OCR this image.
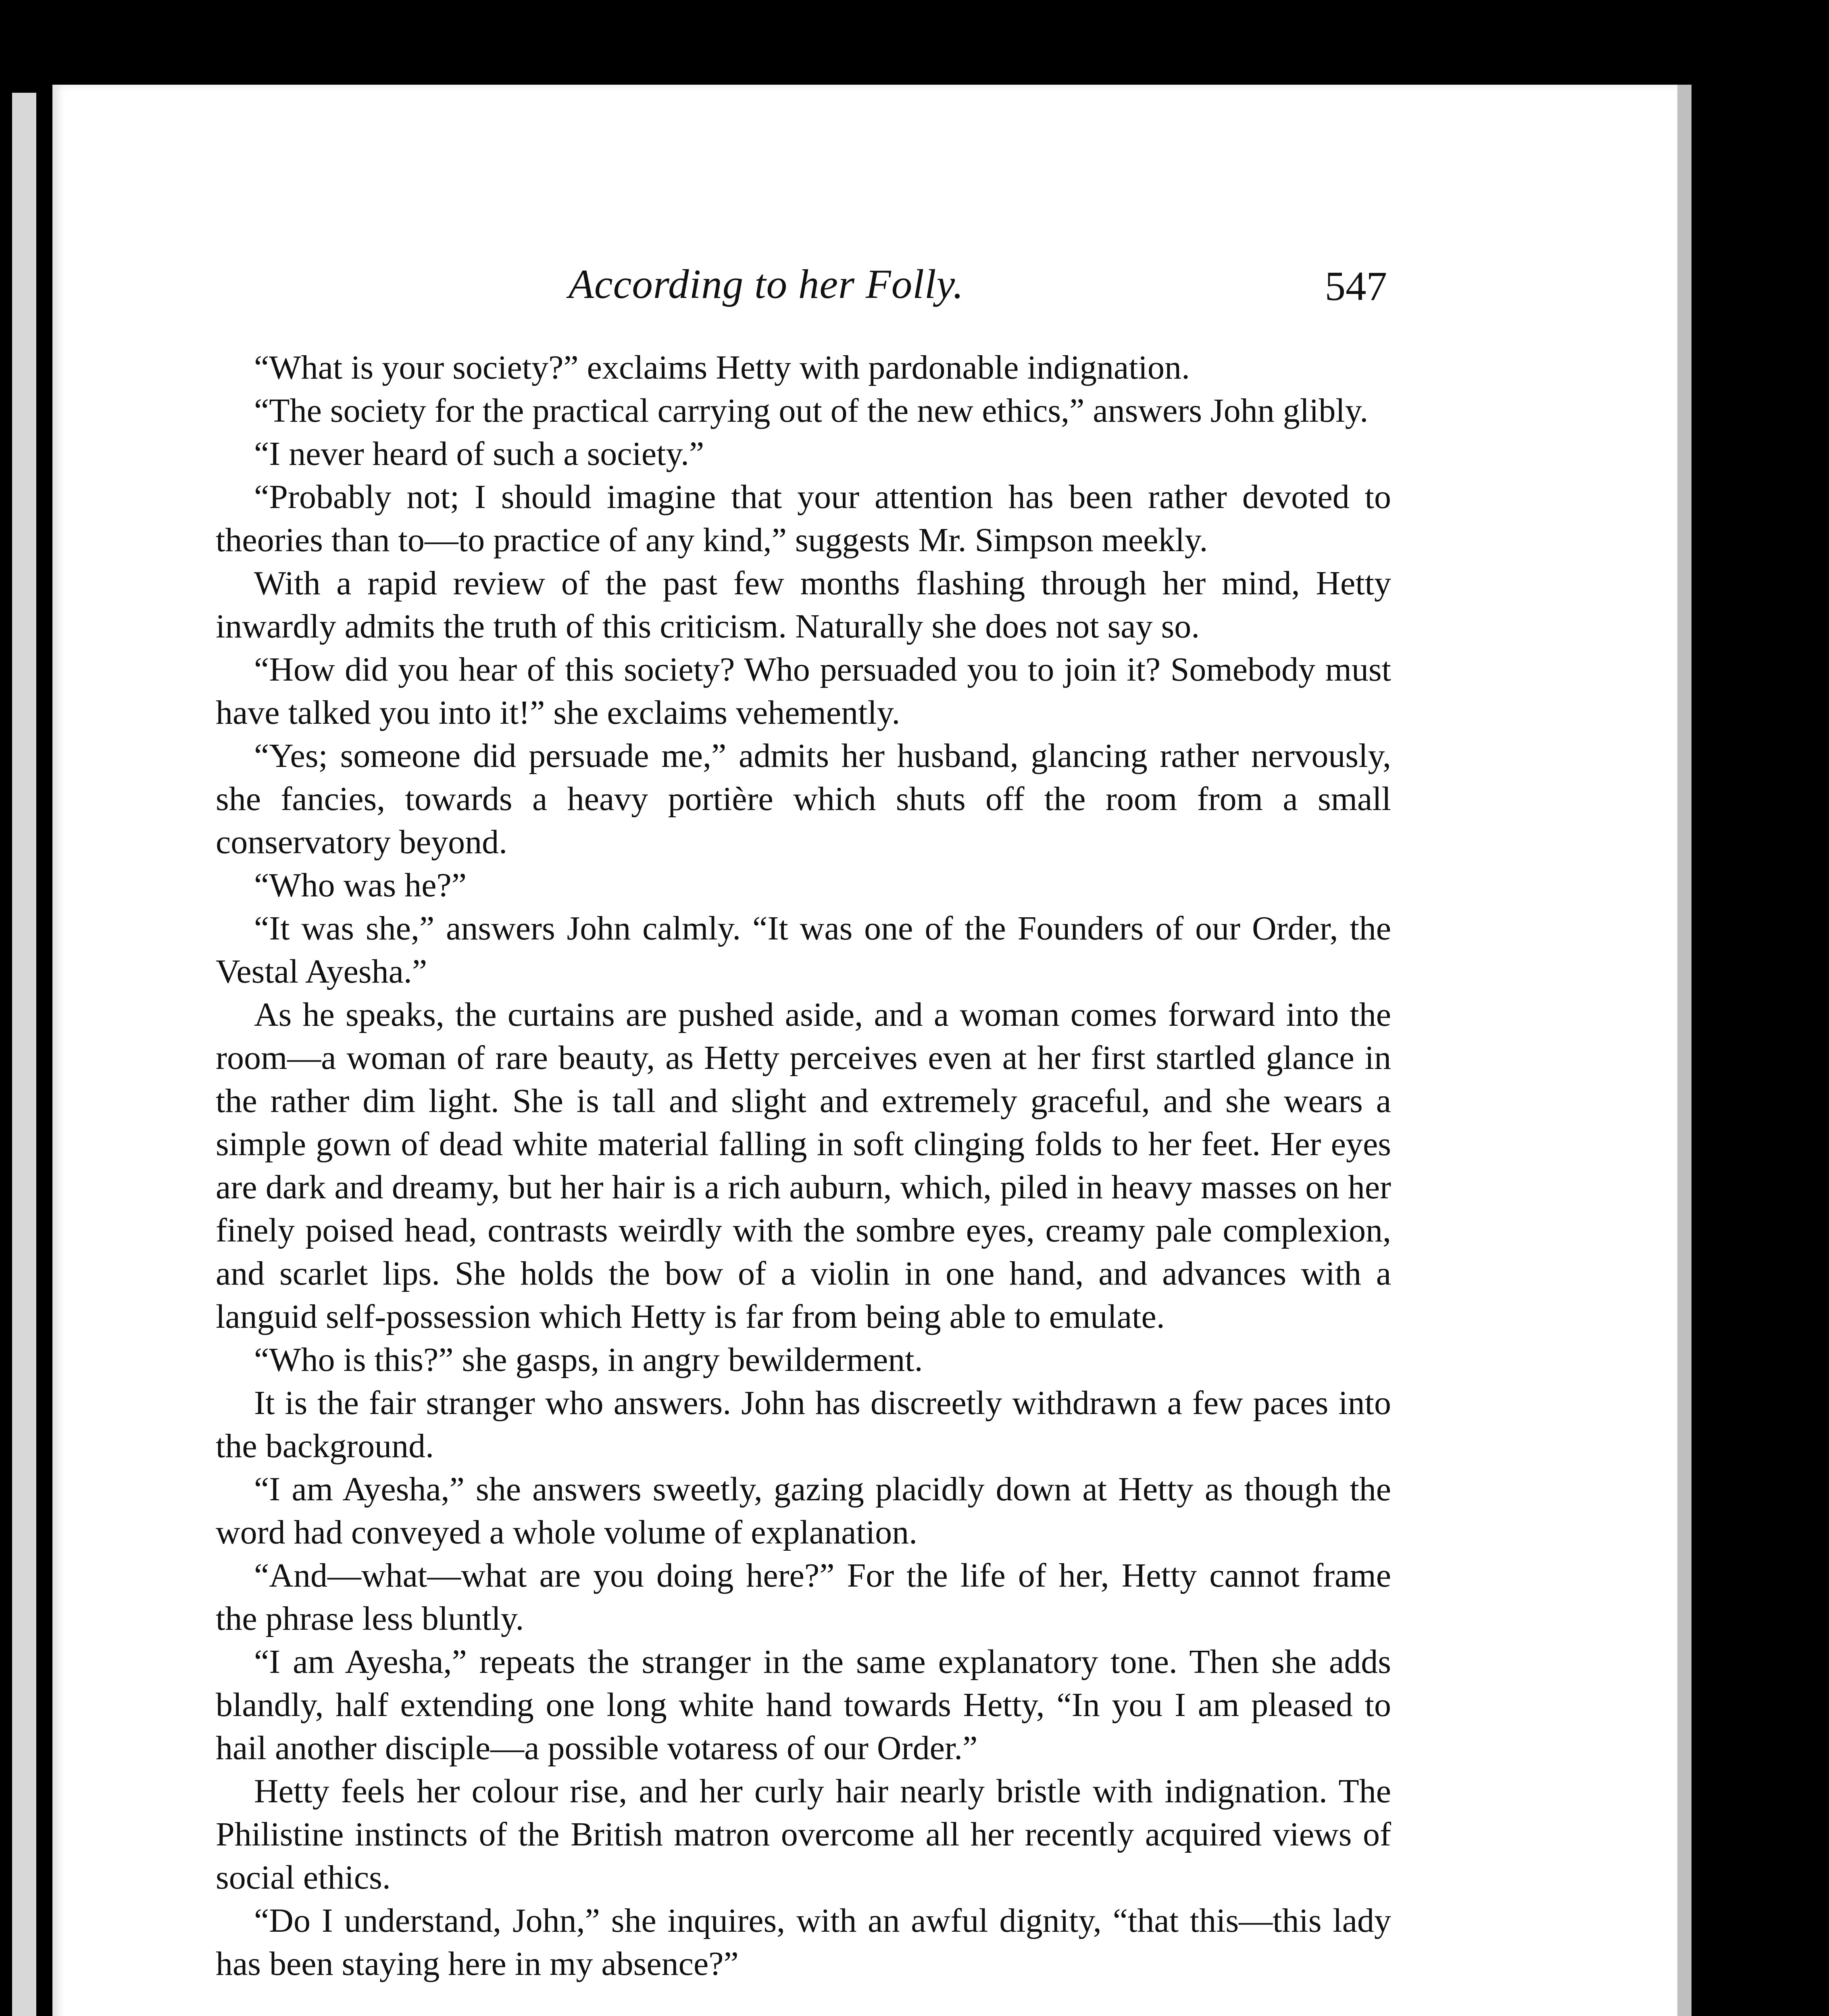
According to her Folly.	547

“What is your society?” exclaims Hetty with pardonable indignation.

“The society for the practical carrying out of the new ethics,” answers John glibly.

“I never heard of such a society.”

“Probably not; I should imagine that your attention has been rather devoted to theories than to—to practice of any kind,” suggests Mr. Simpson meekly.

With a rapid review of the past few months flashing through her mind, Hetty inwardly admits the truth of this criticism. Naturally she does not say so.

“How did you hear of this society? Who persuaded you to join it? Somebody must have talked you into it!” she exclaims vehemently.

“Yes; someone did persuade me,” admits her husband, glancing rather nervously, she fancies, towards a heavy portière which shuts off the room from a small conservatory beyond.

“Who was he?”

“It was she,” answers John calmly. “It was one of the Founders of our Order, the Vestal Ayesha.”

As he speaks, the curtains are pushed aside, and a woman comes forward into the room—a woman of rare beauty, as Hetty perceives even at her first startled glance in the rather dim light. She is tall and slight and extremely graceful, and she wears a simple gown of dead white material falling in soft clinging folds to her feet. Her eyes are dark and dreamy, but her hair is a rich auburn, which, piled in heavy masses on her finely poised head, contrasts weirdly with the sombre eyes, creamy pale complexion, and scarlet lips. She holds the bow of a violin in one hand, and advances with a languid self-possession which Hetty is far from being able to emulate.

“Who is this?” she gasps, in angry bewilderment.

It is the fair stranger who answers. John has discreetly withdrawn a few paces into the background.

“I am Ayesha,” she answers sweetly, gazing placidly down at Hetty as though the word had conveyed a whole volume of explanation.

“And—what—what are you doing here?” For the life of her, Hetty cannot frame the phrase less bluntly.

“I am Ayesha,” repeats the stranger in the same explanatory tone. Then she adds blandly, half extending one long white hand towards Hetty, “In you I am pleased to hail another disciple—a possible votaress of our Order.”

Hetty feels her colour rise, and her curly hair nearly bristle with indignation. The Philistine instincts of the British matron overcome all her recently acquired views of social ethics.

“Do I understand, John,” she inquires, with an awful dignity, “that this—this lady has been staying here in my absence?”
